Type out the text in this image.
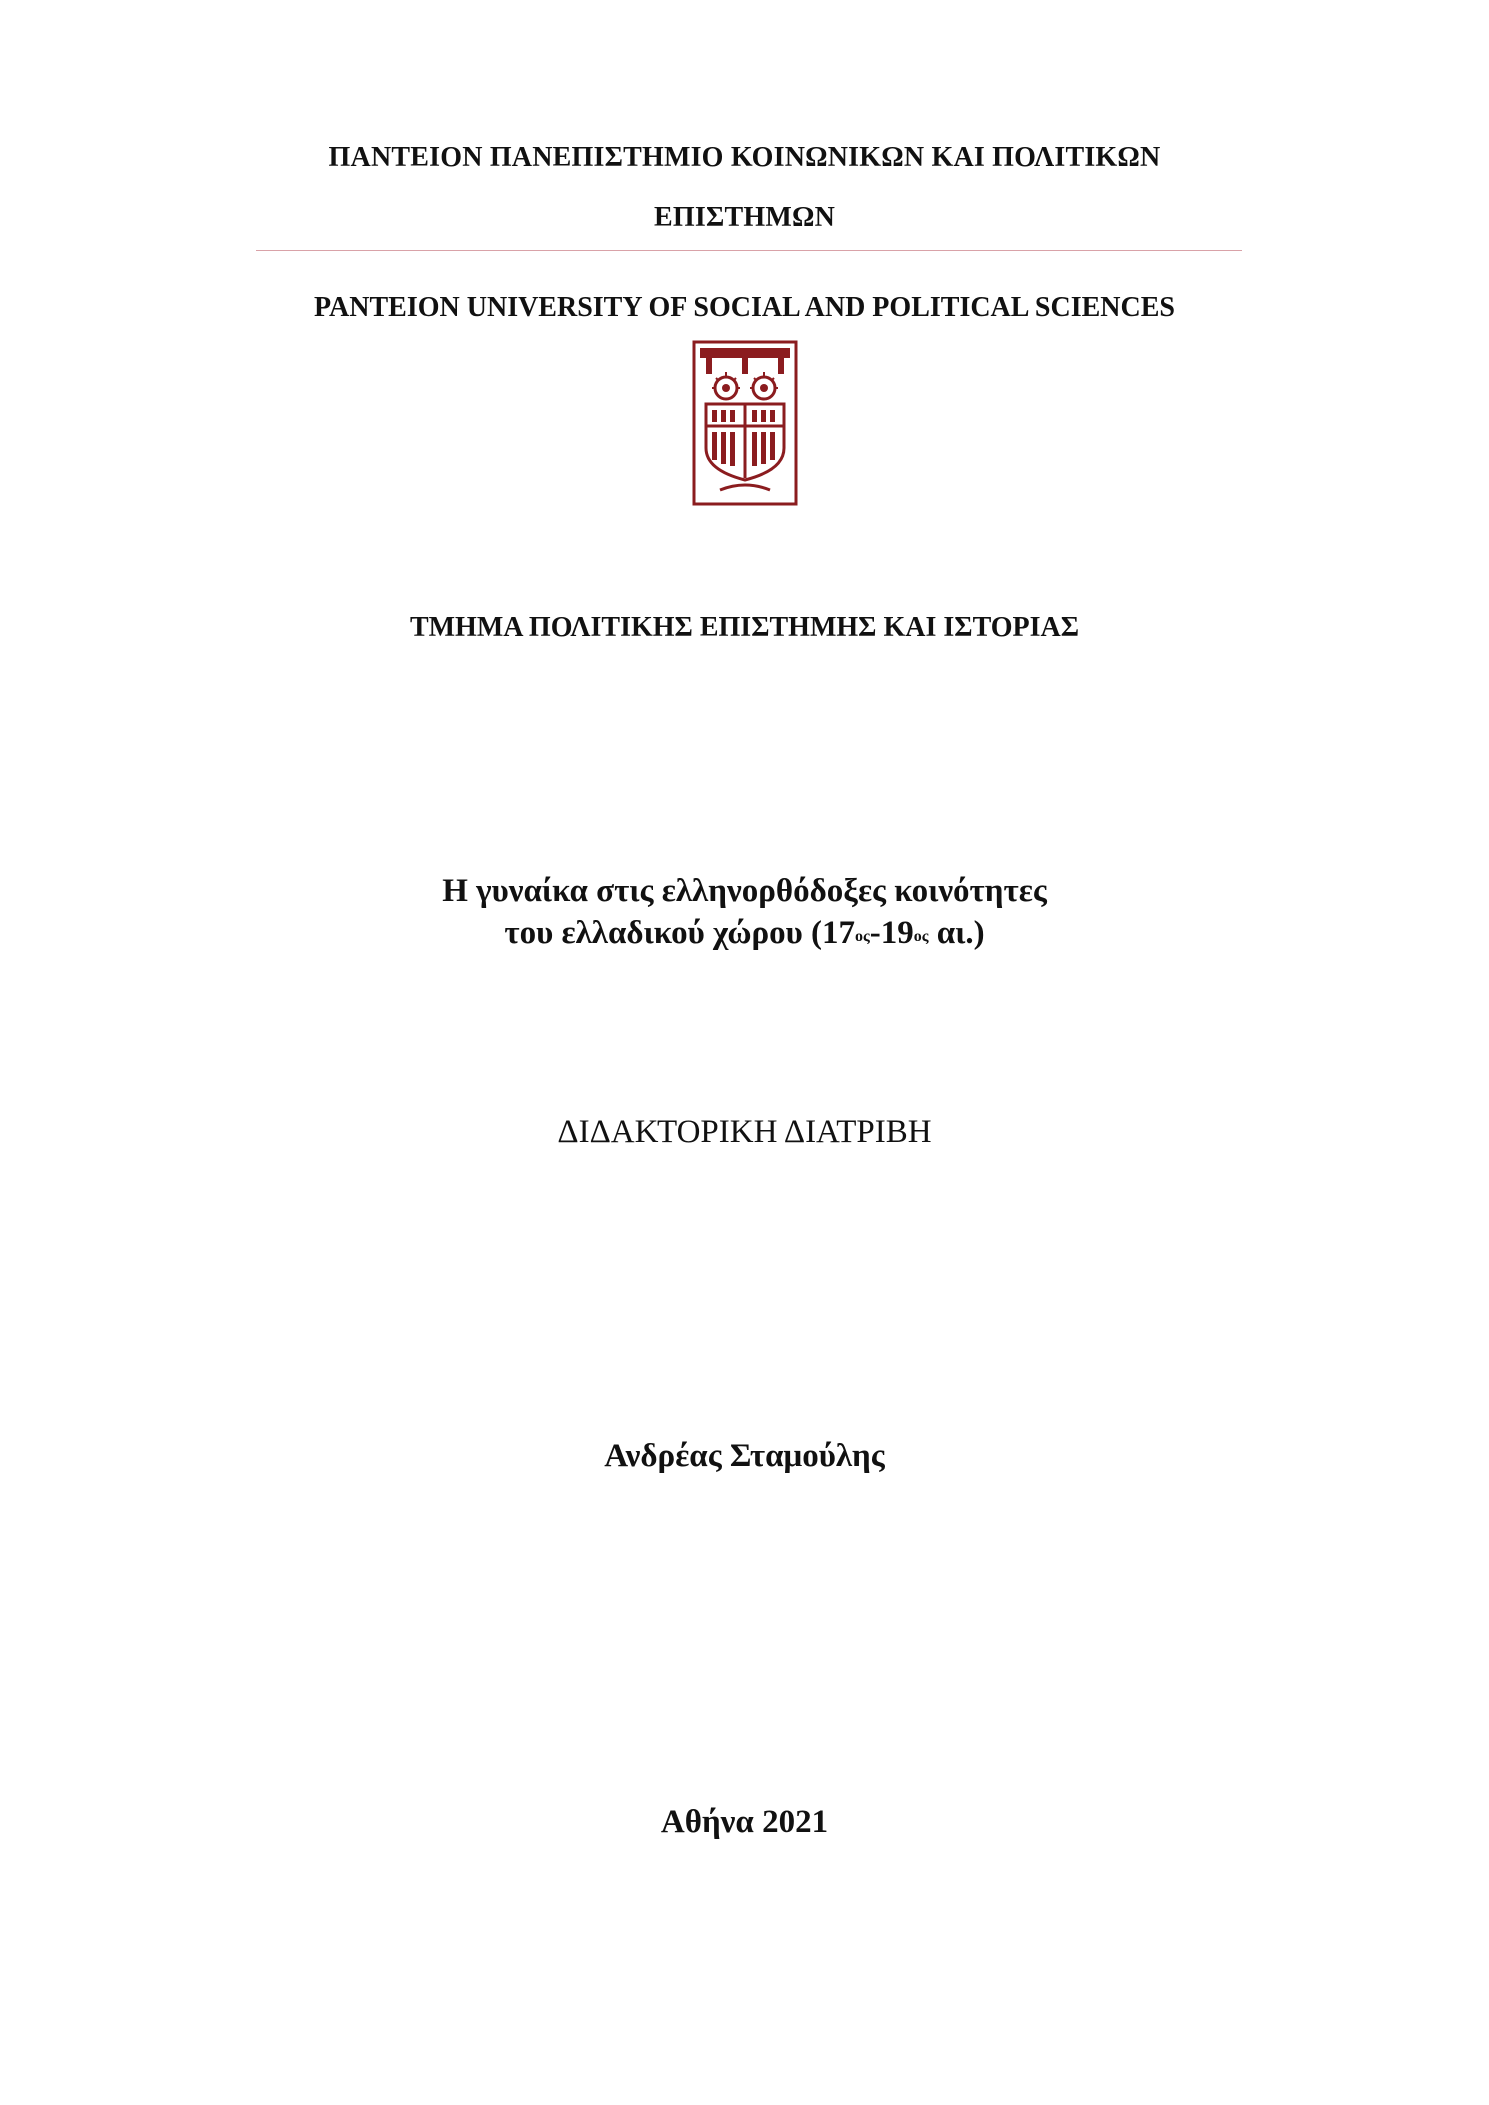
ΠΑΝΤΕΙΟΝ ΠΑΝΕΠΙΣΤΗΜΙΟ ΚΟΙΝΩΝΙΚΩΝ ΚΑΙ ΠΟΛΙΤΙΚΩΝ
ΕΠΙΣΤΗΜΩΝ
PANTEION UNIVERSITY OF SOCIAL AND POLITICAL SCIENCES
ΤΜΗΜΑ ΠΟΛΙΤΙΚΗΣ ΕΠΙΣΤΗΜΗΣ ΚΑΙ ΙΣΤΟΡΙΑΣ
Η γυναίκα στις ελληνορθόδοξες κοινότητες
του ελλαδικού χώρου ($17^{o\varsigma}-19^{o\varsigma}$ αι.)
ΔΙΔΑΚΤΟΡΙΚΗ ΔΙΑΤΡΙΒΗ
Ανδρέας Σταμούλης
Αθήνα 2021
